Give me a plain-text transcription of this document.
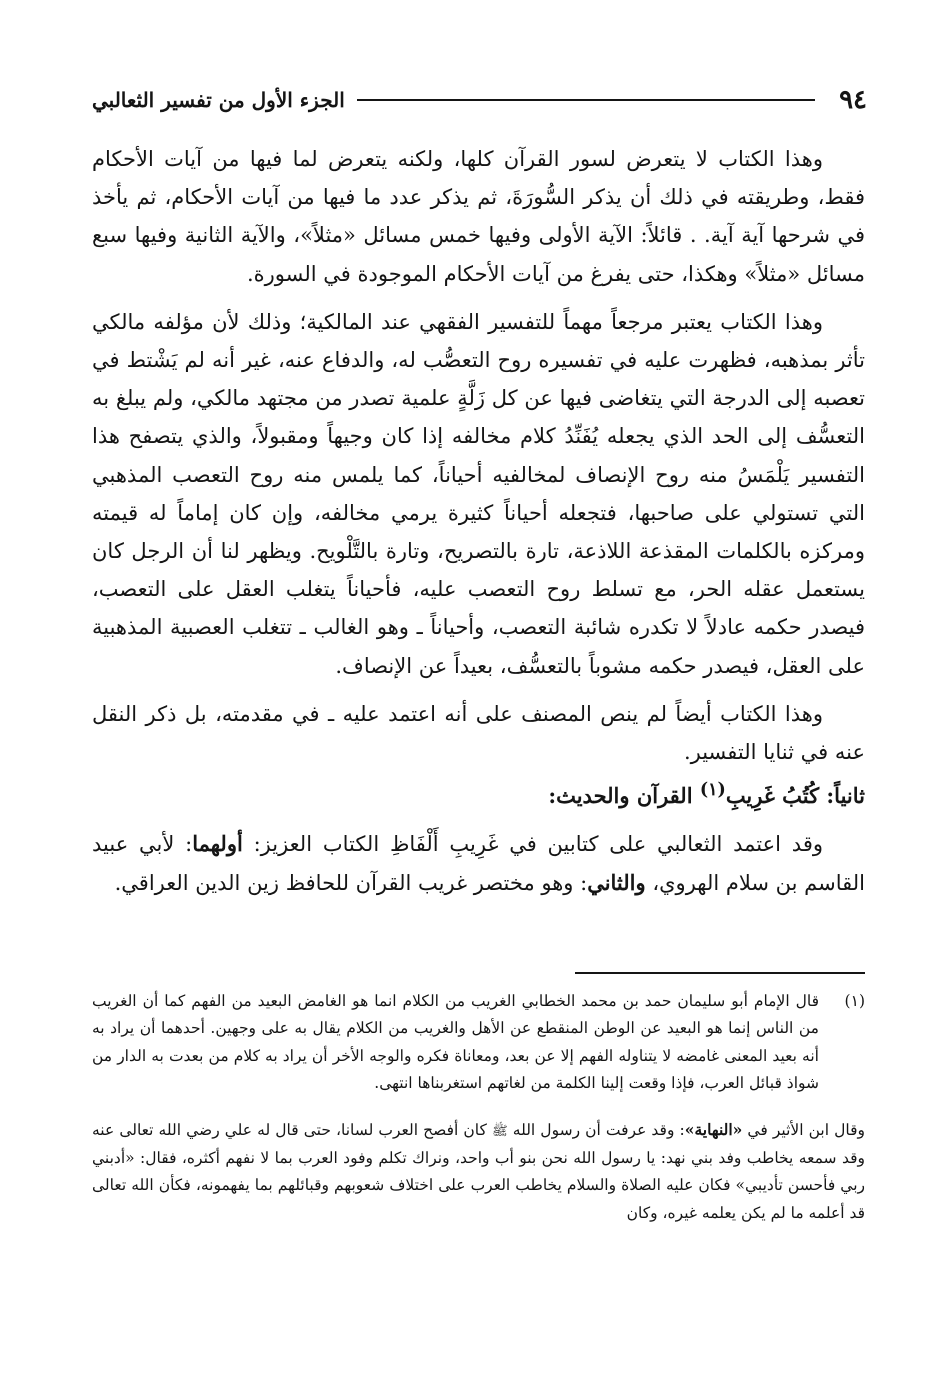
٩٤
الجزء الأول من تفسير الثعالبي

وهذا الكتاب لا يتعرض لسور القرآن كلها، ولكنه يتعرض لما فيها من آيات الأحكام فقط، وطريقته في ذلك أن يذكر السُّورَةَ، ثم يذكر عدد ما فيها من آيات الأحكام، ثم يأخذ في شرحها آية آية. . قائلاً: الآية الأولى وفيها خمس مسائل «مثلاً»، والآية الثانية وفيها سبع مسائل «مثلاً» وهكذا، حتى يفرغ من آيات الأحكام الموجودة في السورة.

وهذا الكتاب يعتبر مرجعاً مهماً للتفسير الفقهي عند المالكية؛ وذلك لأن مؤلفه مالكي تأثر بمذهبه، فظهرت عليه في تفسيره روح التعصُّب له، والدفاع عنه، غير أنه لم يَشْتط في تعصبه إلى الدرجة التي يتغاضى فيها عن كل زَلَّةٍ علمية تصدر من مجتهد مالكي، ولم يبلغ به التعسُّف إلى الحد الذي يجعله يُفَنِّدُ كلام مخالفه إذا كان وجيهاً ومقبولاً، والذي يتصفح هذا التفسير يَلْمَسُ منه روح الإنصاف لمخالفيه أحياناً، كما يلمس منه روح التعصب المذهبي التي تستولي على صاحبها، فتجعله أحياناً كثيرة يرمي مخالفه، وإن كان إماماً له قيمته ومركزه بالكلمات المقذعة اللاذعة، تارة بالتصريح، وتارة بالتَّلْويح. ويظهر لنا أن الرجل كان يستعمل عقله الحر، مع تسلط روح التعصب عليه، فأحياناً يتغلب العقل على التعصب، فيصدر حكمه عادلاً لا تكدره شائبة التعصب، وأحياناً ـ وهو الغالب ـ تتغلب العصبية المذهبية على العقل، فيصدر حكمه مشوباً بالتعسُّف، بعيداً عن الإنصاف.

وهذا الكتاب أيضاً لم ينص المصنف على أنه اعتمد عليه ـ في مقدمته، بل ذكر النقل عنه في ثنايا التفسير.

ثانياً: كُتُبُ غَرِيبِ$^{(١)}$ القرآن والحديث:

وقد اعتمد الثعالبي على كتابين في غَرِيبِ أَلْفَاظِ الكتاب العزيز: أولهما: لأبي عبيد القاسم بن سلام الهروي، والثاني: وهو مختصر غريب القرآن للحافظ زين الدين العراقي.

(١)
قال الإمام أبو سليمان حمد بن محمد الخطابي الغريب من الكلام انما هو الغامض البعيد من الفهم كما أن الغريب من الناس إنما هو البعيد عن الوطن المنقطع عن الأهل والغريب من الكلام يقال به على وجهين. أحدهما أن يراد به أنه بعيد المعنى غامضه لا يتناوله الفهم إلا عن بعد، ومعاناة فكره والوجه الأخر أن يراد به كلام من بعدت به الدار من شواذ قبائل العرب، فإذا وقعت إلينا الكلمة من لغاتهم استغربناها انتهى.
وقال ابن الأثير في «النهاية»: وقد عرفت أن رسول الله ﷺ كان أفصح العرب لسانا، حتى قال له علي رضي الله تعالى عنه وقد سمعه يخاطب وفد بني نهد: يا رسول الله نحن بنو أب واحد، ونراك تكلم وفود العرب بما لا نفهم أكثره، فقال: «أدبني ربي فأحسن تأديبي» فكان عليه الصلاة والسلام يخاطب العرب على اختلاف شعوبهم وقبائلهم بما يفهمونه، فكأن الله تعالى قد أعلمه ما لم يكن يعلمه غيره، وكان
